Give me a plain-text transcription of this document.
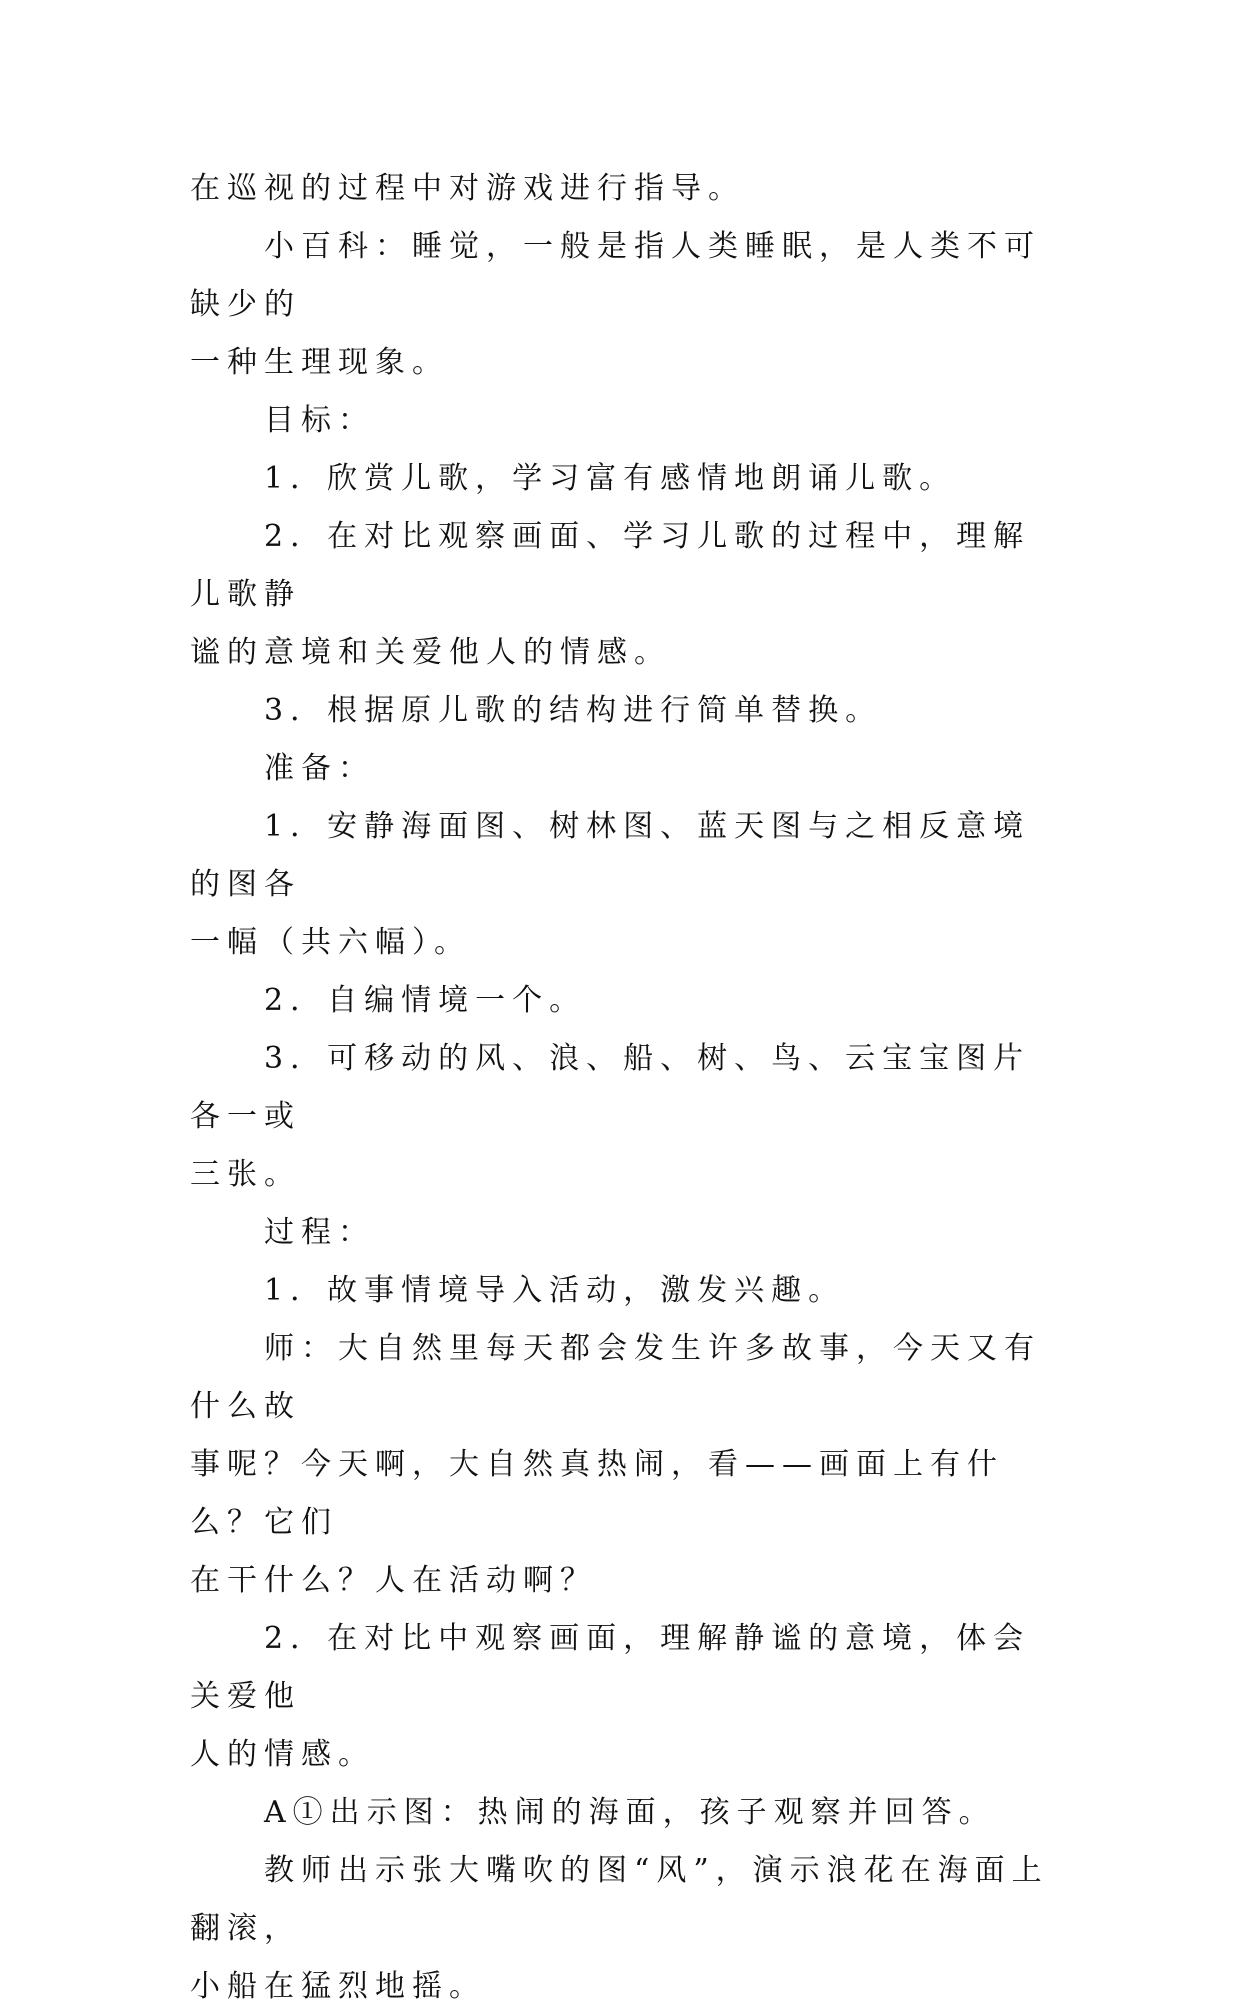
在巡视的过程中对游戏进行指导。
　　小百科：睡觉，一般是指人类睡眠，是人类不可缺少的
一种生理现象。
　　目标：
　　1．欣赏儿歌，学习富有感情地朗诵儿歌。
　　2．在对比观察画面、学习儿歌的过程中，理解儿歌静
谧的意境和关爱他人的情感。
　　3．根据原儿歌的结构进行简单替换。
　　准备：
　　1．安静海面图、树林图、蓝天图与之相反意境的图各
一幅（共六幅）。
　　2．自编情境一个。
　　3．可移动的风、浪、船、树、鸟、云宝宝图片各一或
三张。
　　过程：
　　1．故事情境导入活动，激发兴趣。
　　师：大自然里每天都会发生许多故事，今天又有什么故
事呢？今天啊，大自然真热闹，看——画面上有什么？它们
在干什么？人在活动啊？
　　2．在对比中观察画面，理解静谧的意境，体会关爱他
人的情感。
　　A①出示图：热闹的海面，孩子观察并回答。
　　教师出示张大嘴吹的图“风”，演示浪花在海面上翻滚，
小船在猛烈地摇。
